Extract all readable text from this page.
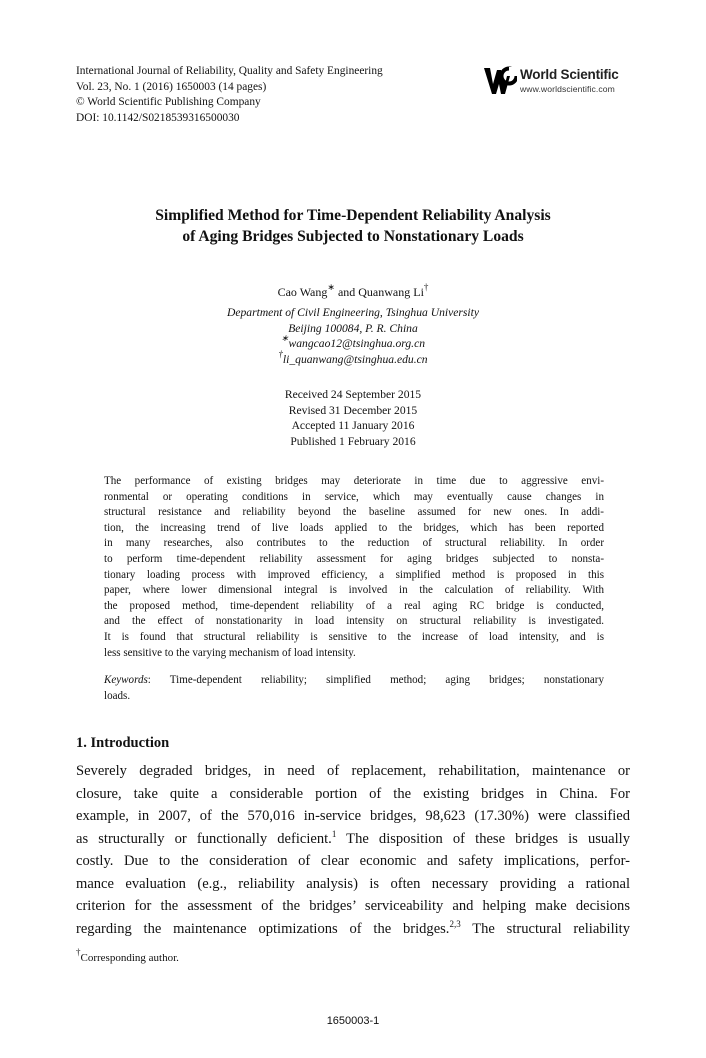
International Journal of Reliability, Quality and Safety Engineering
Vol. 23, No. 1 (2016) 1650003 (14 pages)
© World Scientific Publishing Company
DOI: 10.1142/S0218539316500030
World Scientific
www.worldscientific.com
Simplified Method for Time-Dependent Reliability Analysis
of Aging Bridges Subjected to Nonstationary Loads
Cao Wang∗ and Quanwang Li†
Department of Civil Engineering, Tsinghua University
Beijing 100084, P. R. China
∗wangcao12@tsinghua.org.cn
†li_quanwang@tsinghua.edu.cn
Received 24 September 2015
Revised 31 December 2015
Accepted 11 January 2016
Published 1 February 2016
The performance of existing bridges may deteriorate in time due to aggressive envi-
ronmental or operating conditions in service, which may eventually cause changes in
structural resistance and reliability beyond the baseline assumed for new ones. In addi-
tion, the increasing trend of live loads applied to the bridges, which has been reported
in many researches, also contributes to the reduction of structural reliability. In order
to perform time-dependent reliability assessment for aging bridges subjected to nonsta-
tionary loading process with improved efficiency, a simplified method is proposed in this
paper, where lower dimensional integral is involved in the calculation of reliability. With
the proposed method, time-dependent reliability of a real aging RC bridge is conducted,
and the effect of nonstationarity in load intensity on structural reliability is investigated.
It is found that structural reliability is sensitive to the increase of load intensity, and is
less sensitive to the varying mechanism of load intensity.
Keywords: Time-dependent reliability; simplified method; aging bridges; nonstationary
loads.
1. Introduction
Severely degraded bridges, in need of replacement, rehabilitation, maintenance or
closure, take quite a considerable portion of the existing bridges in China. For
example, in 2007, of the 570,016 in-service bridges, 98,623 (17.30%) were classified
as structurally or functionally deficient.$^1$ The disposition of these bridges is usually
costly. Due to the consideration of clear economic and safety implications, perfor-
mance evaluation (e.g., reliability analysis) is often necessary providing a rational
criterion for the assessment of the bridges’ serviceability and helping make decisions
regarding the maintenance optimizations of the bridges.$^{2,3}$ The structural reliability
†Corresponding author.
1650003-1
